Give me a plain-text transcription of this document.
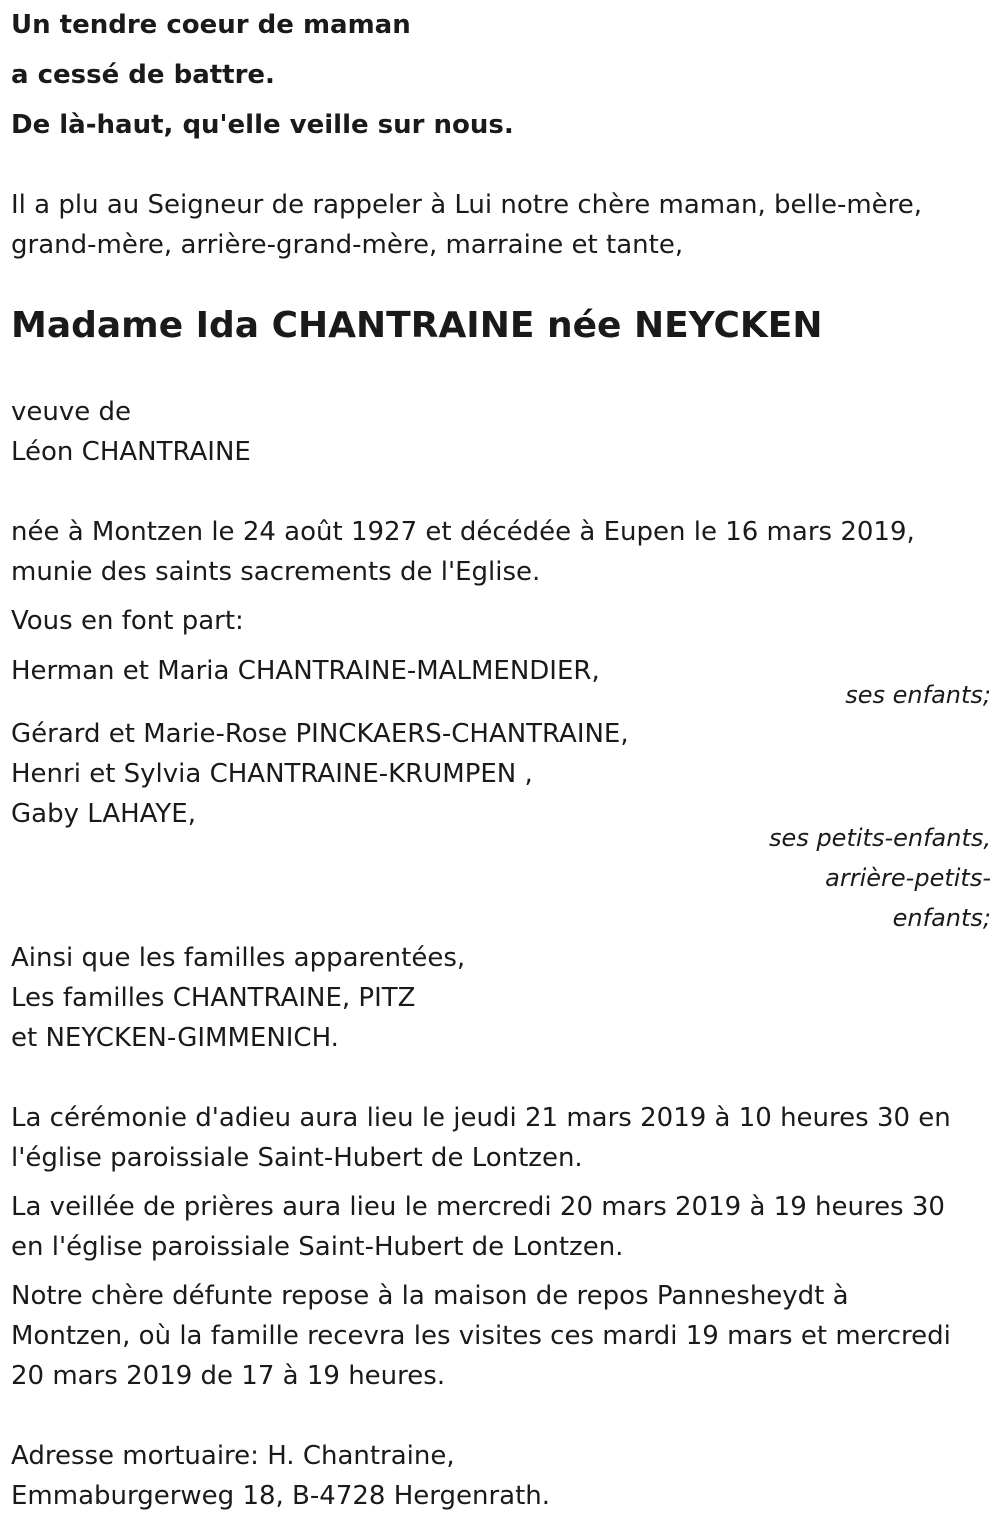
Un tendre coeur de maman
a cessé de battre.
De là-haut, qu'elle veille sur nous.
Il a plu au Seigneur de rappeler à Lui notre chère maman, belle-mère,
grand-mère, arrière-grand-mère, marraine et tante,
Madame Ida CHANTRAINE née NEYCKEN
veuve de
Léon CHANTRAINE
née à Montzen le 24 août 1927 et décédée à Eupen le 16 mars 2019,
munie des saints sacrements de l'Eglise.
Vous en font part:
Herman et Maria CHANTRAINE-MALMENDIER,
ses enfants;
Gérard et Marie-Rose PINCKAERS-CHANTRAINE,
Henri et Sylvia CHANTRAINE-KRUMPEN ,
Gaby LAHAYE,
ses petits-enfants,
arrière-petits-
enfants;
Ainsi que les familles apparentées,
Les familles CHANTRAINE, PITZ
et NEYCKEN-GIMMENICH.
La cérémonie d'adieu aura lieu le jeudi 21 mars 2019 à 10 heures 30 en
l'église paroissiale Saint-Hubert de Lontzen.
La veillée de prières aura lieu le mercredi 20 mars 2019 à 19 heures 30
en l'église paroissiale Saint-Hubert de Lontzen.
Notre chère défunte repose à la maison de repos Pannesheydt à
Montzen, où la famille recevra les visites ces mardi 19 mars et mercredi
20 mars 2019 de 17 à 19 heures.
Adresse mortuaire: H. Chantraine,
Emmaburgerweg 18, B-4728 Hergenrath.
